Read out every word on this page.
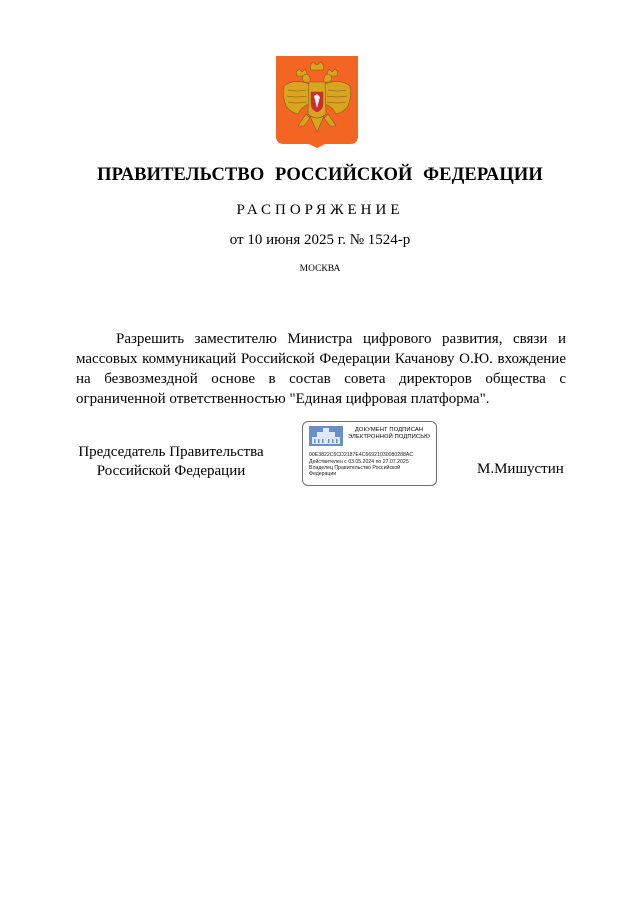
ПРАВИТЕЛЬСТВО РОССИЙСКОЙ ФЕДЕРАЦИИ
РАСПОРЯЖЕНИЕ
от 10 июня 2025 г. № 1524-р
МОСКВА
Разрешить заместителю Министра цифрового развития, связи и массовых коммуникаций Российской Федерации Качанову О.Ю. вхождение на безвозмездной основе в состав совета директоров общества с ограниченной ответственностью "Единая цифровая платформа".
Председатель Правительства Российской Федерации
ДОКУМЕНТ ПОДПИСАН
ЭЛЕКТРОННОЙ ПОДПИСЬЮ
00E3822C6CD2187E4C66921030080288AC
Действителен с 03.05.2024 по 27.07.2025
Владелец Правительство Российской
Федерации	М.Мишустин
